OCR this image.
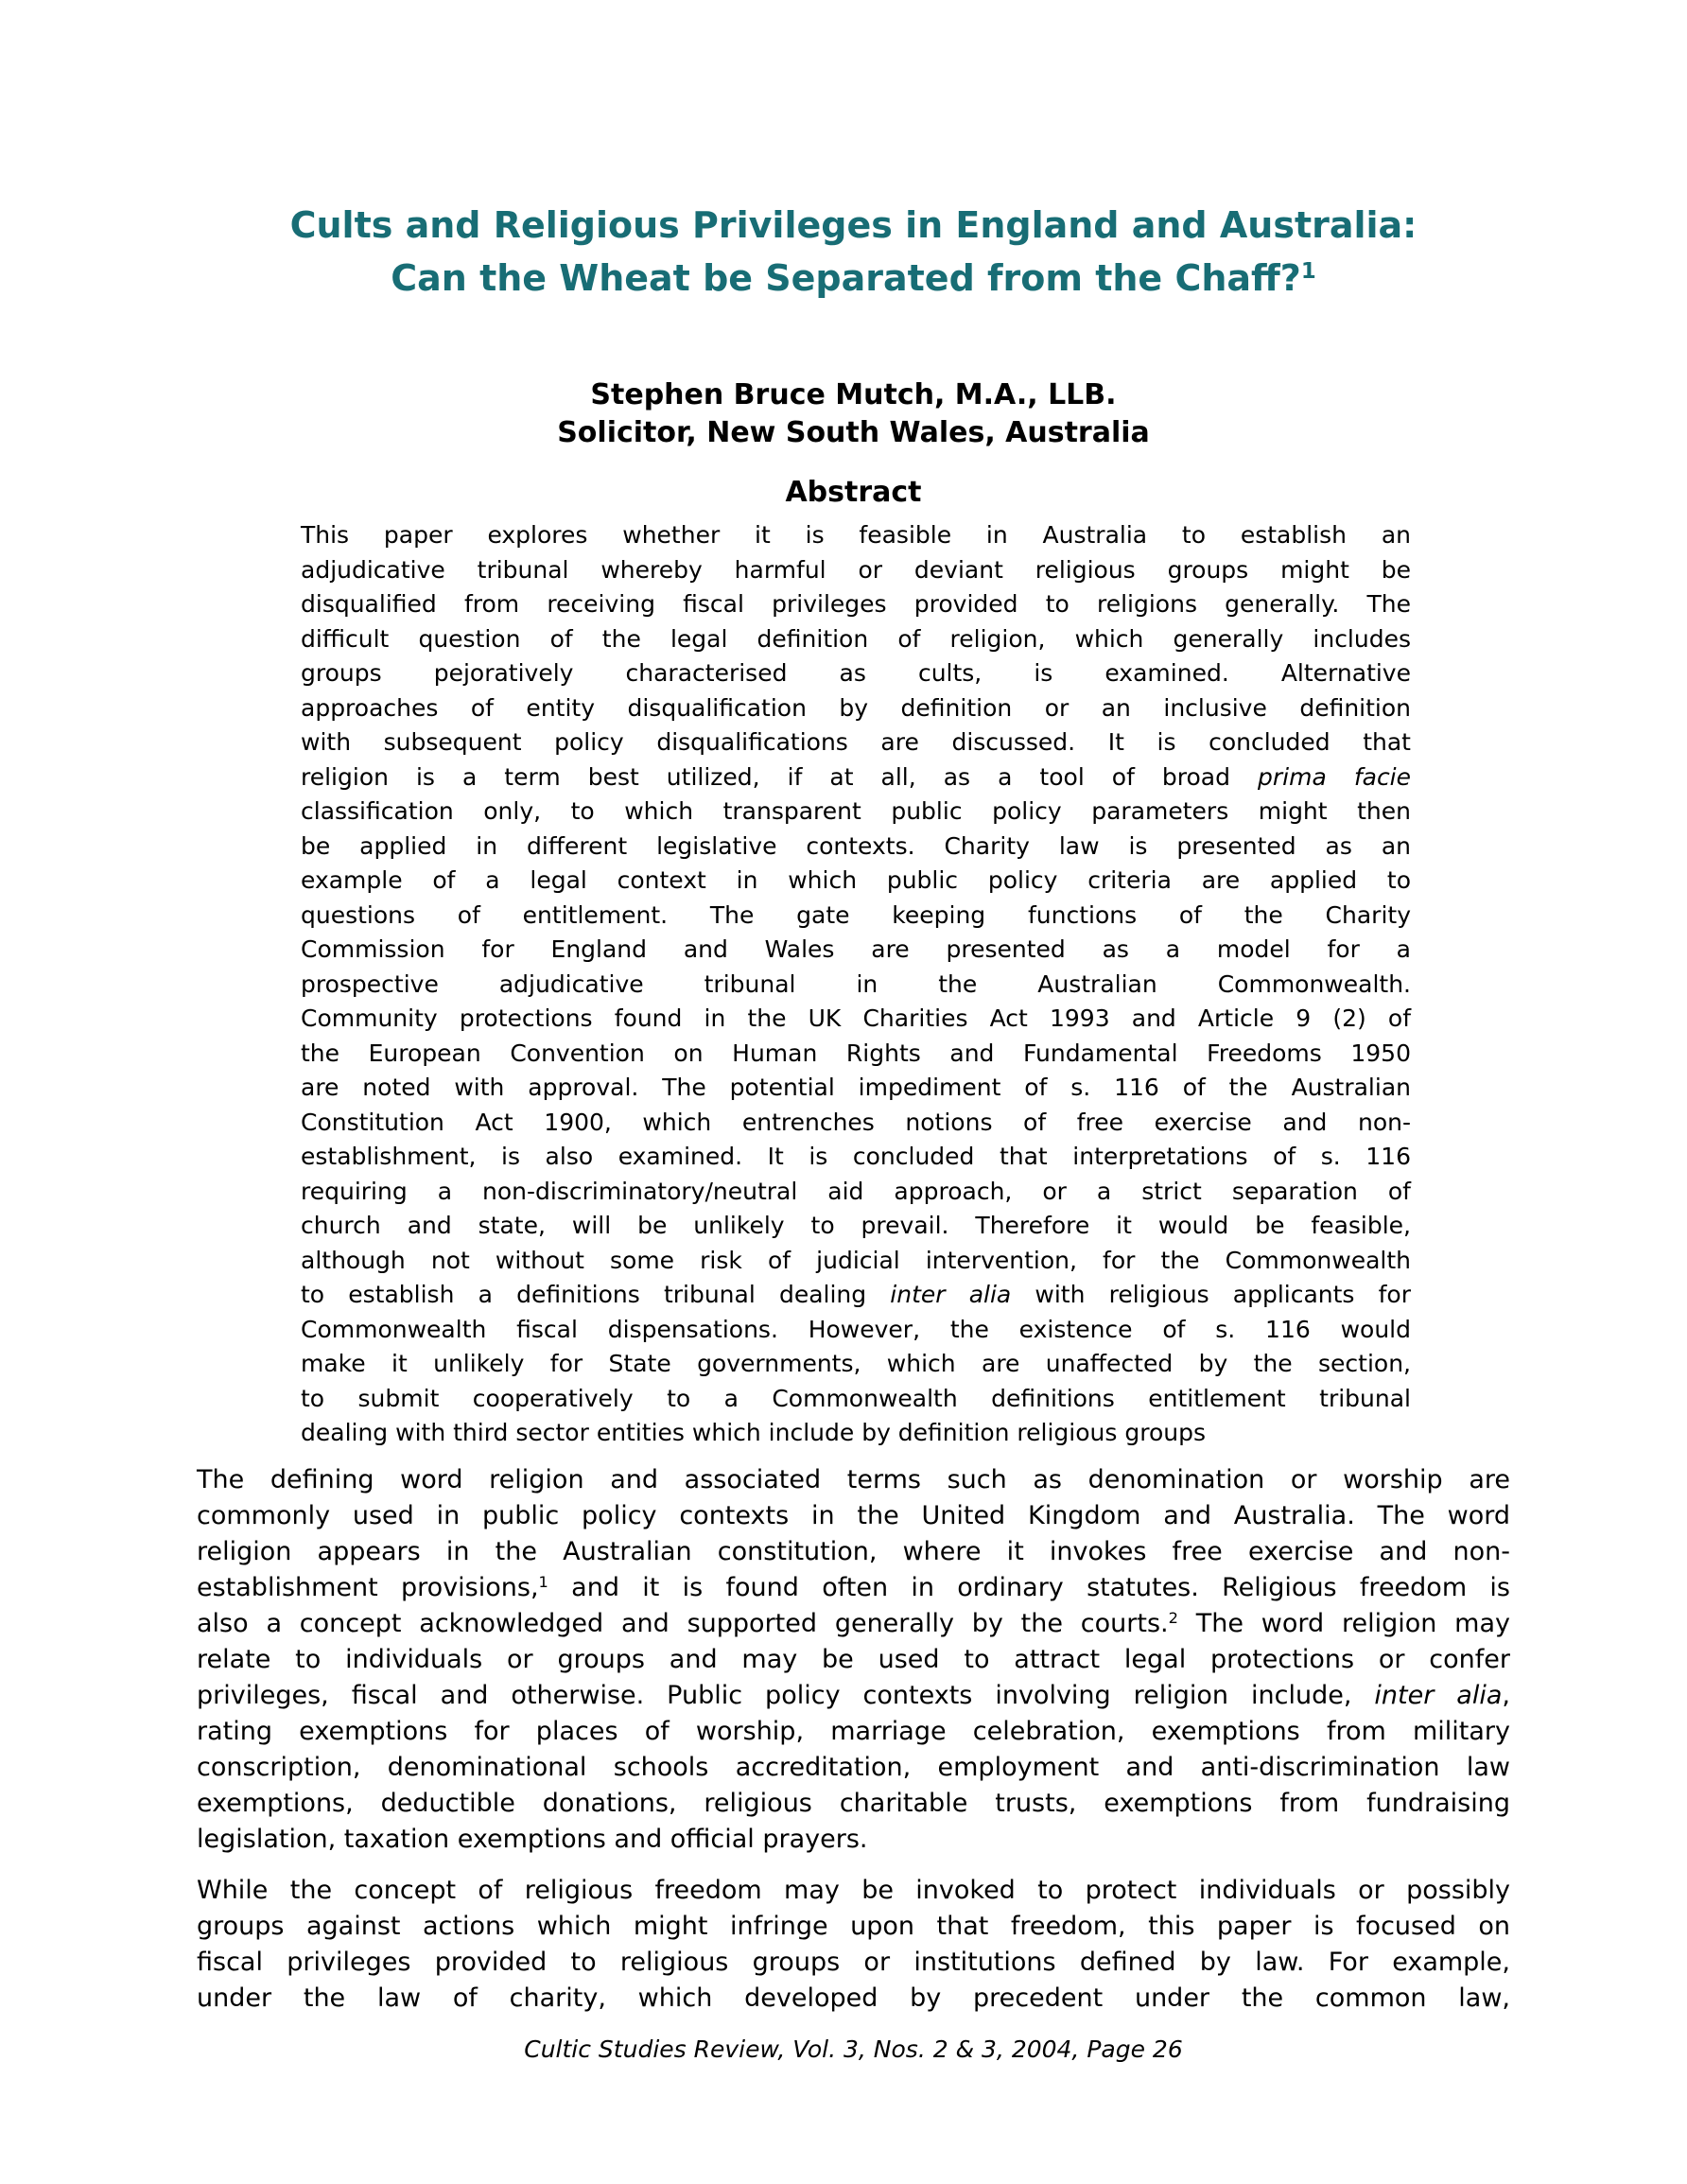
Cults and Religious Privileges in England and Australia:
Can the Wheat be Separated from the Chaff?$^1$
Stephen Bruce Mutch, M.A., LLB.
Solicitor, New South Wales, Australia
Abstract
This paper explores whether it is feasible in Australia to establish an
adjudicative tribunal whereby harmful or deviant religious groups might be
disqualified from receiving fiscal privileges provided to religions generally. The
difficult question of the legal definition of religion, which generally includes
groups pejoratively characterised as cults, is examined. Alternative
approaches of entity disqualification by definition or an inclusive definition
with subsequent policy disqualifications are discussed. It is concluded that
religion is a term best utilized, if at all, as a tool of broad prima facie
classification only, to which transparent public policy parameters might then
be applied in different legislative contexts. Charity law is presented as an
example of a legal context in which public policy criteria are applied to
questions of entitlement. The gate keeping functions of the Charity
Commission for England and Wales are presented as a model for a
prospective adjudicative tribunal in the Australian Commonwealth.
Community protections found in the UK Charities Act 1993 and Article 9 (2) of
the European Convention on Human Rights and Fundamental Freedoms 1950
are noted with approval. The potential impediment of s. 116 of the Australian
Constitution Act 1900, which entrenches notions of free exercise and non-
establishment, is also examined. It is concluded that interpretations of s. 116
requiring a non-discriminatory/neutral aid approach, or a strict separation of
church and state, will be unlikely to prevail. Therefore it would be feasible,
although not without some risk of judicial intervention, for the Commonwealth
to establish a definitions tribunal dealing inter alia with religious applicants for
Commonwealth fiscal dispensations. However, the existence of s. 116 would
make it unlikely for State governments, which are unaffected by the section,
to submit cooperatively to a Commonwealth definitions entitlement tribunal
dealing with third sector entities which include by definition religious groups
The defining word religion and associated terms such as denomination or worship are
commonly used in public policy contexts in the United Kingdom and Australia. The word
religion appears in the Australian constitution, where it invokes free exercise and non-
establishment provisions,$^1$ and it is found often in ordinary statutes. Religious freedom is
also a concept acknowledged and supported generally by the courts.$^2$ The word religion may
relate to individuals or groups and may be used to attract legal protections or confer
privileges, fiscal and otherwise. Public policy contexts involving religion include, inter alia,
rating exemptions for places of worship, marriage celebration, exemptions from military
conscription, denominational schools accreditation, employment and anti-discrimination law
exemptions, deductible donations, religious charitable trusts, exemptions from fundraising
legislation, taxation exemptions and official prayers.
While the concept of religious freedom may be invoked to protect individuals or possibly
groups against actions which might infringe upon that freedom, this paper is focused on
fiscal privileges provided to religious groups or institutions defined by law. For example,
under the law of charity, which developed by precedent under the common law,
Cultic Studies Review, Vol. 3, Nos. 2 & 3, 2004, Page 26
